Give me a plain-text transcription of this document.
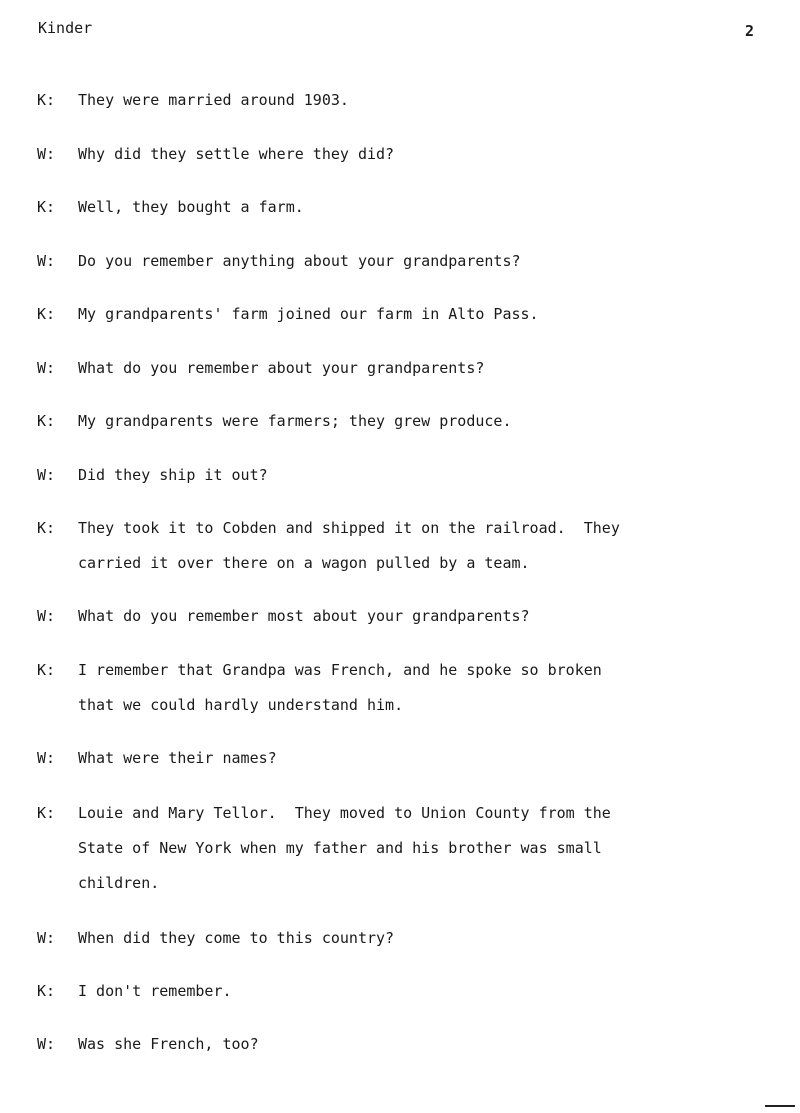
Kinder	2
K:	They were married around 1903.
W:	Why did they settle where they did?
K:	Well, they bought a farm.
W:	Do you remember anything about your grandparents?
K:	My grandparents' farm joined our farm in Alto Pass.
W:	What do you remember about your grandparents?
K:	My grandparents were farmers; they grew produce.
W:	Did they ship it out?
K:	They took it to Cobden and shipped it on the railroad.  They
carried it over there on a wagon pulled by a team.
W:	What do you remember most about your grandparents?
K:	I remember that Grandpa was French, and he spoke so broken
that we could hardly understand him.
W:	What were their names?
K:	Louie and Mary Tellor.  They moved to Union County from the
State of New York when my father and his brother was small
children.
W:	When did they come to this country?
K:	I don't remember.
W:	Was she French, too?
